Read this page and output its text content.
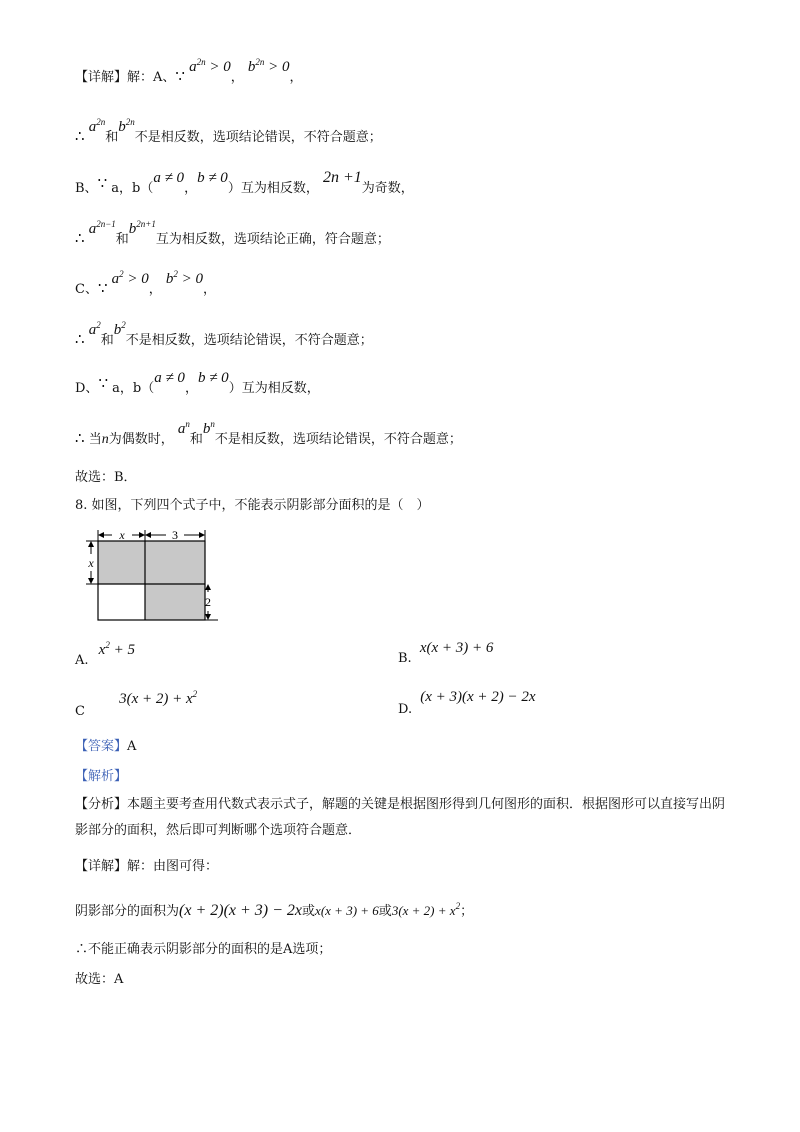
【详解】解：A、∵ $a^{2n} > 0$， $b^{2n} > 0$，
∴ $a^{2n}$和$b^{2n}$不是相反数，选项结论错误，不符合题意；
B、∵ a，b（a ≠ 0，b ≠ 0）互为相反数， 2n +1为奇数，
∴ $a^{2n-1}$和$b^{2n+1}$互为相反数，选项结论正确，符合题意；
C、∵ $a^2 > 0$， $b^2 > 0$，
∴ $a^2$和$b^2$不是相反数，选项结论错误，不符合题意；
D、∵ a，b（a ≠ 0，b ≠ 0）互为相反数，
∴ 当n为偶数时， $a^n$和$b^n$不是相反数，选项结论错误，不符合题意；
故选：B．
8. 如图，下列四个式子中，不能表示阴影部分面积的是（　）
x	3
x
2
A. $x^2 + 5$
B. x(x + 3) + 6
C $3(x + 2) + x^2$
D. (x + 3)(x + 2) − 2x
【答案】A
【解析】
【分析】本题主要考查用代数式表示式子，解题的关键是根据图形得到几何图形的面积．根据图形可以直接写出阴影部分的面积，然后即可判断哪个选项符合题意．
【详解】解：由图可得：
阴影部分的面积为(x + 2)(x + 3) − 2x或x(x + 3) + 6或$3(x + 2) + x^2$；
∴不能正确表示阴影部分的面积的是A选项；
故选：A
